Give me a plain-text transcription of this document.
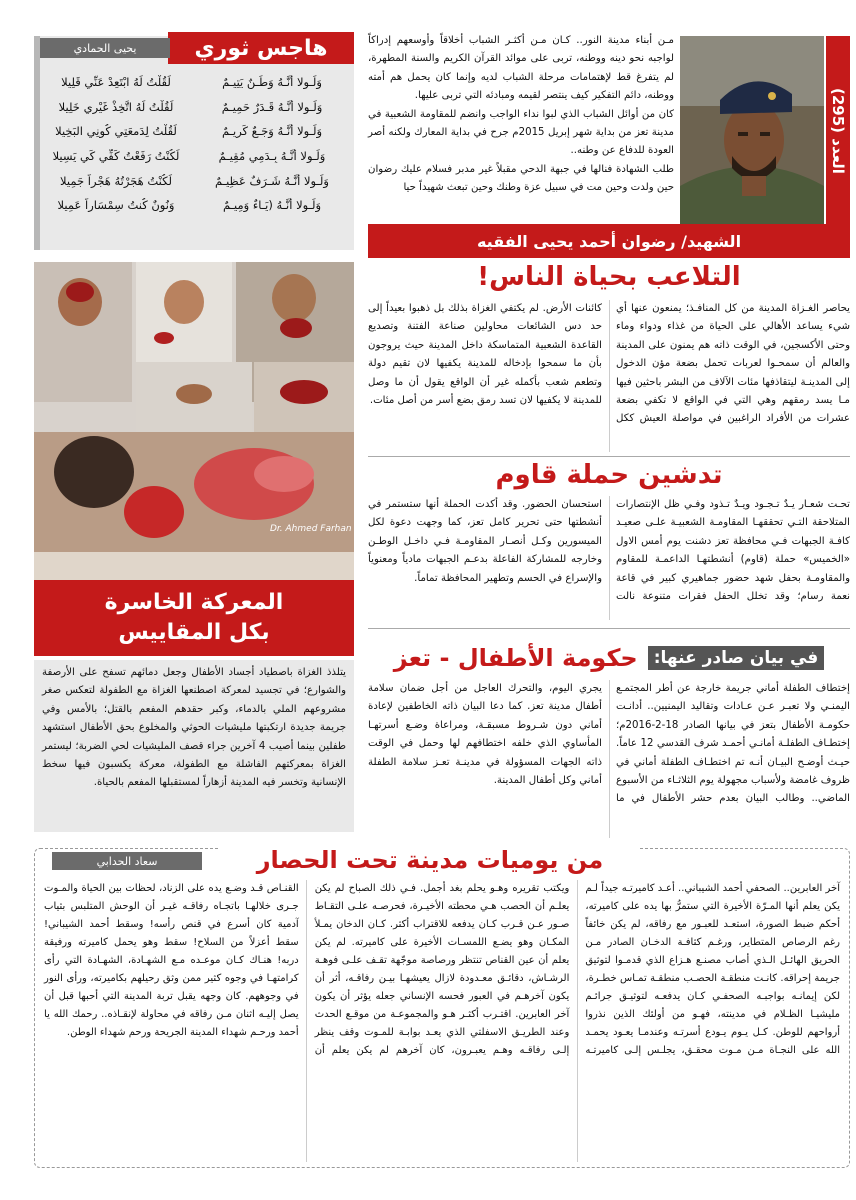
العدد (295)

مـن أبناء مدينة النور.. كـان مـن أكثـر الشباب أخلاقاً وأوسعهم إدراكاً لواجبه نحو دينه ووطنه، تربى على موائد القرآن الكريم والسنة المطهرة، لم يتفرغ قط لإهتمامات مرحلة الشباب لديه وإنما كان يحمل هم أمته ووطنه، دائم التفكير كيف ينتصر لقيمه ومبادئه التي تربى عليها.

كان من أوائل الشباب الذي لبوا نداء الواجب وانضم للمقاومة الشعبية في مدينة تعز من بداية شهر إبريل 2015م جرح في بداية المعارك ولكنه أصر العودة للدفاع عن وطنه..

طلب الشهادة فنالها في جبهة الدحي مقبلاً غير مدبر فسلام عليك رضوان حين ولدت وحين مت في سبيل عزة وطنك وحين تبعث شهيداً حيا

الشهيد/ رضوان أحمد يحيى الفقيه
هاجس ثوري
يحيى الحمادي
وَلَـولا أنَّـهُ وَطَـنٌ يَتِيـمٌ
لَقُلْتُ لَهُ ابْتَعِدْ عَنِّي قَلِيلا
وَلَـولا أنَّـهُ قَـدَرٌ حَمِيـمٌ
لَقُلْتُ لَهُ اتَّخِذْ غَيْرِي خَلِيلا
وَلَـولا أنَّـهُ وَجَـعٌ كَرِيـمٌ
لَقُلْتُ لِدَمعَتِي كُونِي البَخِيلا
وَلَـولا أنَّـهُ بِـدَمِي مُقِيـمٌ
لَكُنْتُ رَفَعْتُ كَفِّي كَي يَسِيلا
وَلَـولا أنَّـهُ شَـرَفٌ عَظِيـمٌ
لَكُنْتُ هَجَرْتُهُ هَجْراً جَمِيلا
وَلَـولا أنَّـهُ (يَـاءٌ وَمِيـمٌ
وَنُونٌ كُنتُ سِمْسَاراً عَمِيلا
Dr. Ahmed Farhan
المعركة الخاسرة
بكل المقاييس
يتلذذ الغزاة باصطياد أجساد الأطفال وجعل دمائهم تسفح على الأرصفة والشوارع؛ في تجسيد لمعركة اصطنعها الغزاة مع الطفولة لتعكس صغر مشروعهم الملي بالدماء، وكبر حقدهم المفعم بالقتل؛ بالأمس وفي جريمة جديدة ارتكبتها مليشيات الحوثي والمخلوع بحق الأطفال استشهد طفلين بينما أصيب 4 آخرين جراء قصف المليشيات لحي الضربة؛ ليستمر الغزاة بمعركتهم الفاشلة مع الطفولة، معركة يكسبون فيها سخط الإنسانية وتخسر فيه المدينة أزهاراً لمستقبلها المفعم بالحياة.
التلاعب بحياة الناس!
يحاصر الغـزاة المدينة من كل المنافـذ؛ يمنعون عنها أي شيء يساعد الأهالي على الحياة من غذاء ودواء وماء وحتى الأكسجين، في الوقت ذاته هم يمنون على المدينة والعالم أن سمحـوا لعربات تحمل بضعة مؤن الدخول إلى المدينـة ليتقاذفها مئات الآلاف من البشر باحثين فيها مـا يسد رمقهم وهي التي في الواقع لا تكفي بضعة عشرات من الأفراد الراغبين في مواصلة العيش ككل كائنات الأرض. لم يكتفي الغزاة بذلك بل ذهبوا بعيداً إلى حد دس الشائعات محاولين صناعة الفتنة وتصديع القاعدة الشعبية المتماسكة داخل المدينة حيث يروجون بأن ما سمحوا بإدخاله للمدينة يكفيها لان تقيم دولة وتطعم شعب بأكمله غير أن الواقع يقول أن ما وصل للمدينة لا يكفيها لان تسد رمق بضع أسر من أصل مئات.
تدشين حملة قاوم
تحـت شعـار يـدٌ تـجـود ويـدٌ تـذود وفـي ظل الإنتصارات المتلاحقة التـي تحققهـا المقاومـة الشعبيـة علـى صعيـد كافـة الجبهات فـي محافظة تعز دشنت يوم أمس الاول «الخميس» حملة (قاوم) أنشطتهـا الداعمـة للمقاوم والمقاومـة بحفل شهد حضور جماهيري كبير في قاعة نعمة رسام؛ وقد تخلل الحفل فقرات متنوعة نالت استحسان الحضور. وقد أكدت الحملة أنها ستستمر في أنشطتها حتى تحرير كامل تعز، كما وجهت دعوة لكل الميسورين وكـل أنصـار المقاومـة فـي داخـل الوطـن وخارجه للمشاركة الفاعلة بدعـم الجبهات مادياً ومعنوياً والإسراع في الحسم وتطهير المحافظة تماماً.
في بيان صادر عنها:
حكومة الأطفال - تعز
إختطاف الطفلة أماني جريمة خارجة عن أطر المجتمـع اليمنـي ولا تعبـر عـن عـادات وتقاليد اليمنيين.. أدانـت حكومـة الأطفال بتعز في بيانها الصادر 18-2-2016م؛ إختطـاف الطفلـة أمانـي أحمـد شرف القدسي 12 عاماً. حيـث أوضـح البيـان أنـه تم اختطـاف الطفلة أماني في ظروف غامضة ولأسباب مجهولة يوم الثلاثـاء من الأسبوع الماضي.. وطالب البيان بعدم حشر الأطفال في ما يجري اليوم، والتحرك العاجل من أجل ضمان سلامة أطفال مدينة تعز. كما دعا البيان ذاته الخاطفين لإعادة أماني دون شـروط مسبقـة، ومراعاة وضـع أسرتهـا المأساوي الذي خلفه اختطافهم لها وحمل في الوقت ذاته الجهات المسؤولة في مدينـة تعـز سلامة الطفلة أماني وكل أطفال المدينة.
من يوميات مدينة تحت الحصار
سعاد الحدابي
آخر العابرين.. الصحفي أحمد الشيباني.. أعـد كاميرتـه جيداً لـم يكن يعلم أنها المـرّة الأخيرة التي ستمرُّ بها يده على كاميرته، أحكم ضبط الصورة، استعـد للعبـور مع رفاقه، لم يكن خائفاً رغم الرصاص المتطاير، ورغـم كثافـة الدخـان الصادر مـن الحريق الهائـل الـذي أصاب مصنـع هـزاع الذي قدمـوا لتوثيق جريمة إحراقه. كانـت منطقـة الحصـب منطقـة تمـاس خطـرة، لكن إيمانـه بواجبـه الصحفـي كـان يدفعـه لتوثيـق جرائـم مليشيـا الظـلام في مدينته، فهـو من أولئك الذين نذروا أرواحهم للوطن. كـل يـوم يـودع أسرتـه وعندمـا يعـود يحمـد الله على النجـاة مـن مـوت محقـق، يجلـس إلـى كاميرتـه ويكتب تقريره وهـو يحلم بغد أجمل. فـي ذلك الصباح لم يكن يعلـم أن الحصب هـي محطته الأخيـرة، فحرصـه علـى التقـاط صـور عـن قـرب كـان يدفعه للاقتراب أكثر. كـان الدخان يمـلأ المكـان وهو يضـع اللمسـات الأخيرة على كاميرته. لم يكن يعلم أن عين القناص تنتظر ورصاصة موجّهة تقـف علـى فوهـة الرشـاش، دقائـق معـدودة لازال يعيشهـا بيـن رفاقـه، أثر أن يكون آخرهـم في العبور فحسه الإنساني جعله يؤثر أن يكون آخر العابرين. اقتـرب أكثـر هـو والمجموعـة من موقـع الحدث وعند الطريـق الاسفلتي الذي يعـد بوابـة للمـوت وقف ينظر إلـى رفاقـه وهـم يعبـرون، كان آخرهم لم يكن يعلم أن القنـاص قـد وضـع يده على الزناد، لحظات بين الحياة والمـوت جـرى خلالهـا باتجـاه رفاقـه غيـر أن الوحش المتلبس بثياب آدمية كان أسرع في قنص رأسه! وسقط أحمد الشيباني! سقط أعزلاً من السلاح! سقط وهو يحمل كاميرته ورفيقة دربه! هنـاك كـان موعـده مـع الشهـادة، الشهـادة التي رأى كرامتهـا في وجوه كثير ممن وثق رحيلهم بكاميرته، ورأى النور في وجوههم. كان وجهه يقبل تربة المدينة التي أحبها قبل أن يصل إليـه اثنان مـن رفاقه في محاولة لإنقـاذه.. رحمك الله يا أحمد ورحـم شهداء المدينة الجريحة ورحم شهداء الوطن.
